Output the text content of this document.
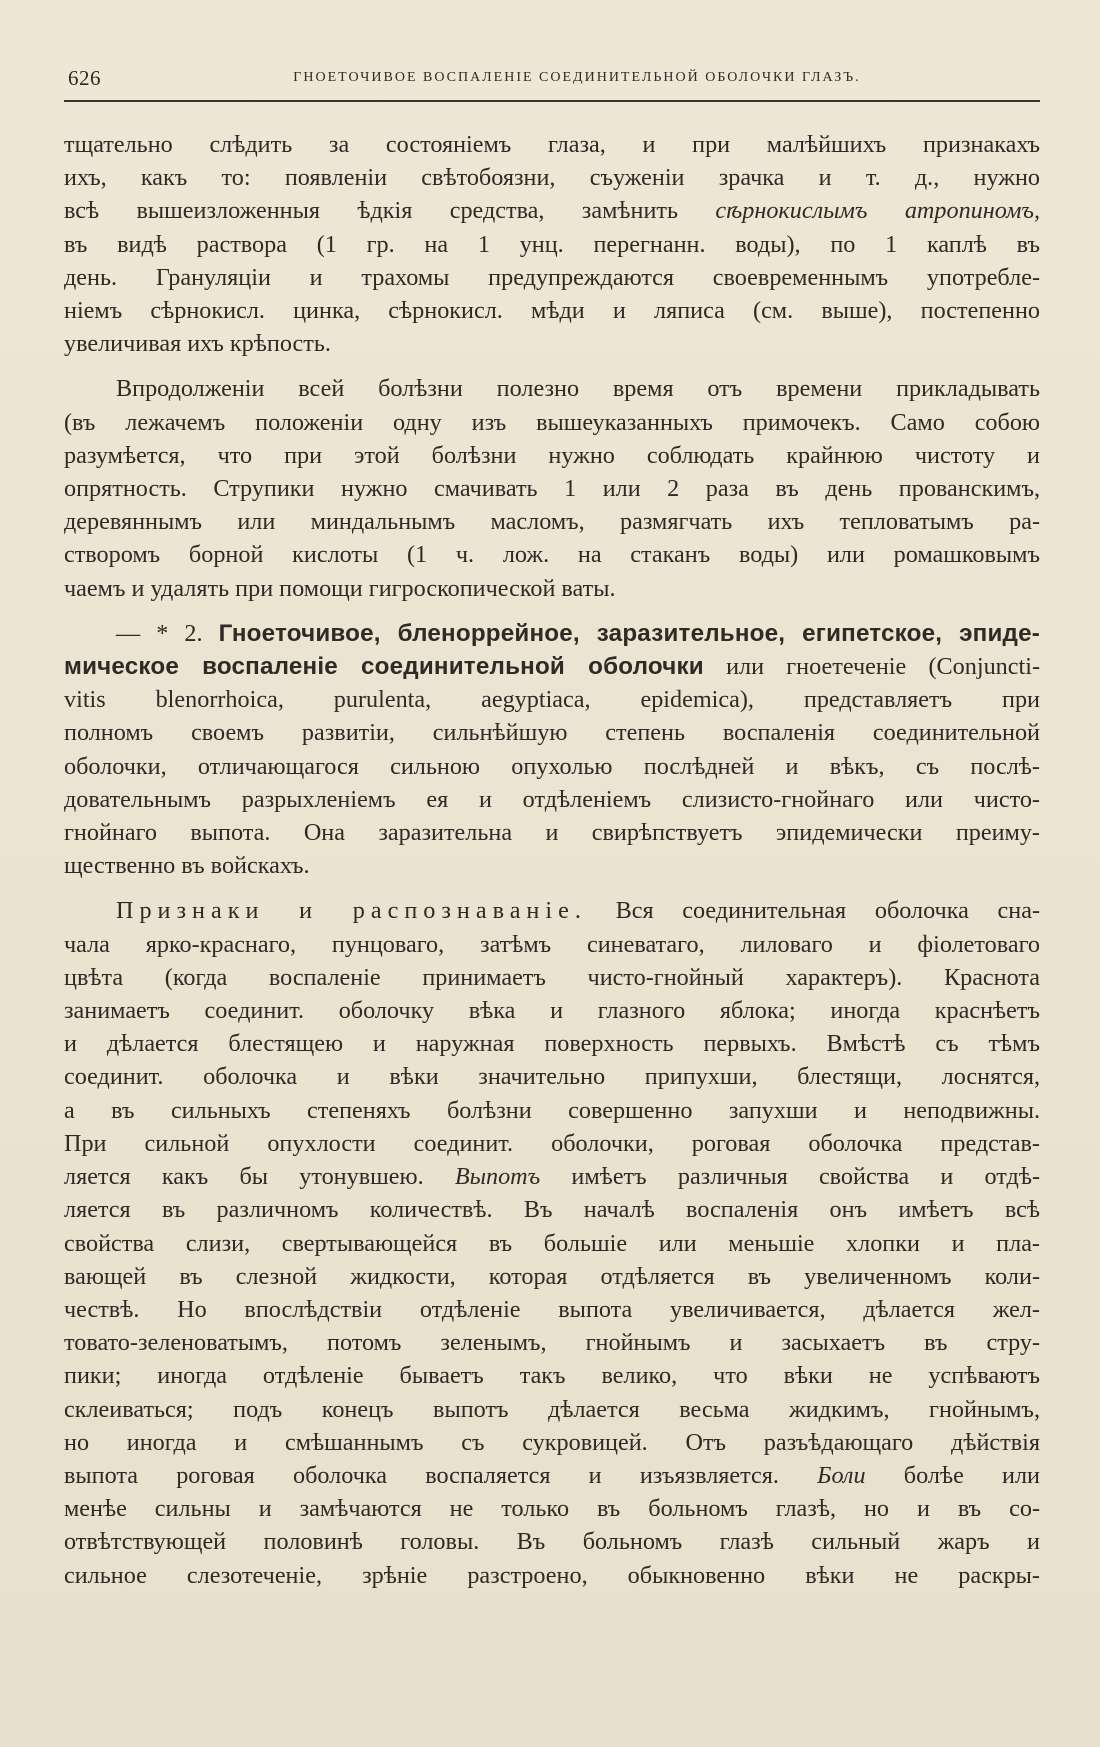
626	ГНОЕТОЧИВОЕ ВОСПАЛЕНІЕ СОЕДИНИТЕЛЬНОЙ ОБОЛОЧКИ ГЛАЗЪ.
тщательно слѣдить за состояніемъ глаза, и при малѣйшихъ признакахъ
ихъ, какъ то: появленіи свѣтобоязни, съуженіи зрачка и т. д., нужно
всѣ вышеизложенныя ѣдкія средства, замѣнить сѣрнокислымъ атропиномъ,
въ видѣ раствора (1 гр. на 1 унц. перегнанн. воды), по 1 каплѣ въ
день. Грануляціи и трахомы предупреждаются своевременнымъ употребле-
ніемъ сѣрнокисл. цинка, сѣрнокисл. мѣди и ляписа (см. выше), постепенно
увеличивая ихъ крѣпость.
Впродолженіи всей болѣзни полезно время отъ времени прикладывать
(въ лежачемъ положеніи одну изъ вышеуказанныхъ примочекъ. Само собою
разумѣется, что при этой болѣзни нужно соблюдать крайнюю чистоту и
опрятность. Струпики нужно смачивать 1 или 2 раза въ день прованскимъ,
деревяннымъ или миндальнымъ масломъ, размягчать ихъ тепловатымъ ра-
створомъ борной кислоты (1 ч. лож. на стаканъ воды) или ромашковымъ
чаемъ и удалять при помощи гигроскопической ваты.
— * 2. Гноеточивое, бленоррейное, заразительное, египетское, эпиде-
мическое воспаленіе соединительной оболочки или гноетеченіе (Conjuncti-
vitis blenorrhoica, purulenta, aegyptiaca, epidemica), представляетъ при
полномъ своемъ развитіи, сильнѣйшую степень воспаленія соединительной
оболочки, отличающагося сильною опухолью послѣдней и вѣкъ, съ послѣ-
довательнымъ разрыхленіемъ ея и отдѣленіемъ слизисто-гнойнаго или чисто-
гнойнаго выпота. Она заразительна и свирѣпствуетъ эпидемически преиму-
щественно въ войскахъ.
Признаки и распознаваніе. Вся соединительная оболочка сна-
чала ярко-краснаго, пунцоваго, затѣмъ синеватаго, лиловаго и фіолетоваго
цвѣта (когда воспаленіе принимаетъ чисто-гнойный характеръ). Краснота
занимаетъ соединит. оболочку вѣка и глазного яблока; иногда краснѣетъ
и дѣлается блестящею и наружная поверхность первыхъ. Вмѣстѣ съ тѣмъ
соединит. оболочка и вѣки значительно припухши, блестящи, лоснятся,
а въ сильныхъ степеняхъ болѣзни совершенно запухши и неподвижны.
При сильной опухлости соединит. оболочки, роговая оболочка представ-
ляется какъ бы утонувшею. Выпотъ имѣетъ различныя свойства и отдѣ-
ляется въ различномъ количествѣ. Въ началѣ воспаленія онъ имѣетъ всѣ
свойства слизи, свертывающейся въ большіе или меньшіе хлопки и пла-
вающей въ слезной жидкости, которая отдѣляется въ увеличенномъ коли-
чествѣ. Но впослѣдствіи отдѣленіе выпота увеличивается, дѣлается жел-
товато-зеленоватымъ, потомъ зеленымъ, гнойнымъ и засыхаетъ въ стру-
пики; иногда отдѣленіе бываетъ такъ велико, что вѣки не успѣваютъ
склеиваться; подъ конецъ выпотъ дѣлается весьма жидкимъ, гнойнымъ,
но иногда и смѣшаннымъ съ сукровицей. Отъ разъѣдающаго дѣйствія
выпота роговая оболочка воспаляется и изъязвляется. Боли болѣе или
менѣе сильны и замѣчаются не только въ больномъ глазѣ, но и въ со-
отвѣтствующей половинѣ головы. Въ больномъ глазѣ сильный жаръ и
сильное слезотеченіе, зрѣніе разстроено, обыкновенно вѣки не раскры-
